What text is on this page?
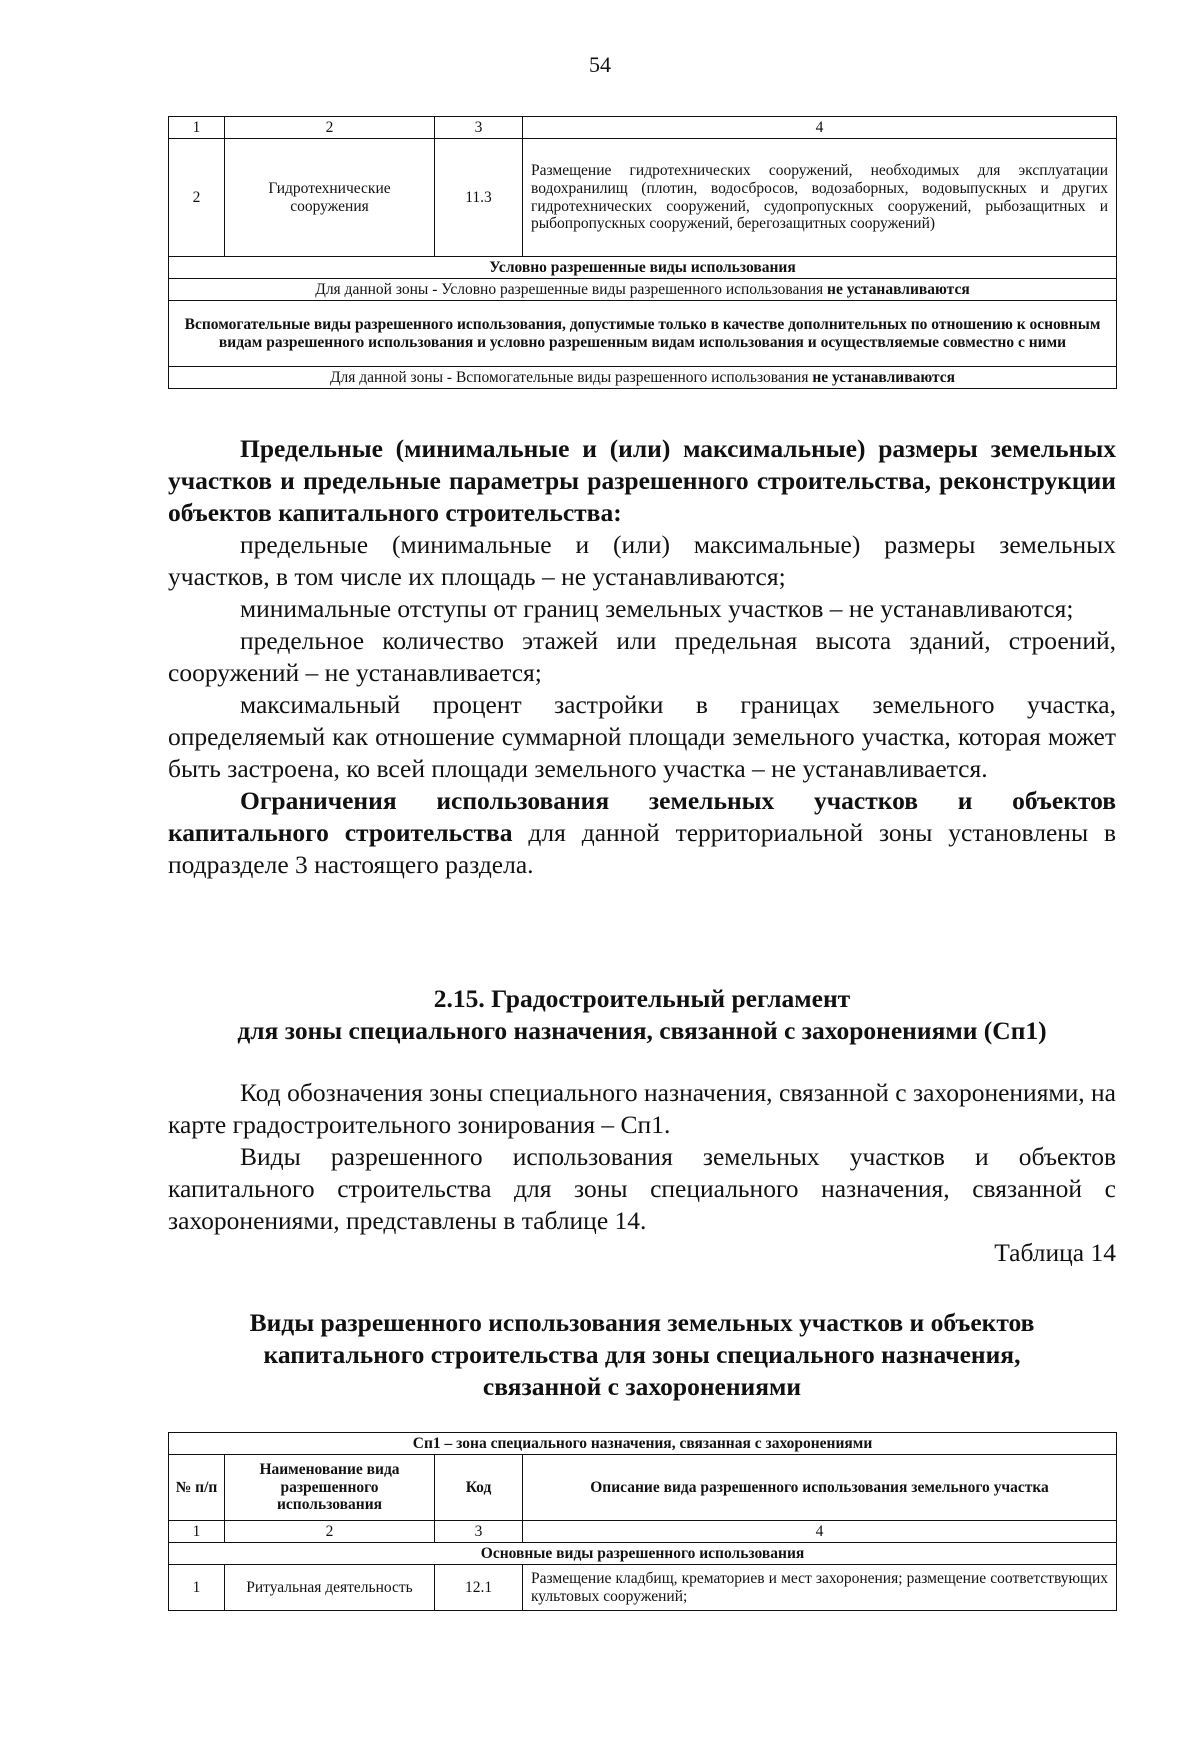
54
1	2	3	4
2	Гидротехнические сооружения	11.3	Размещение гидротехнических сооружений, необходимых для эксплуатации водохранилищ (плотин, водосбросов, водозаборных, водовыпускных и других гидротехнических сооружений, судопропускных сооружений, рыбозащитных и рыбопропускных сооружений, берегозащитных сооружений)
Условно разрешенные виды использования			
Для данной зоны - Условно разрешенные виды разрешенного использования не устанавливаются			
Вспомогательные виды разрешенного использования, допустимые только в качестве дополнительных по отношению к основным видам разрешенного использования и условно разрешенным видам использования и осуществляемые совместно с ними			
Для данной зоны - Вспомогательные виды разрешенного использования не устанавливаются			

Предельные (минимальные и (или) максимальные) размеры земельных участков и предельные параметры разрешенного строительства, реконструкции объектов капитального строительства:

предельные (минимальные и (или) максимальные) размеры земельных участков, в том числе их площадь – не устанавливаются;

минимальные отступы от границ земельных участков – не устанавливаются;

предельное количество этажей или предельная высота зданий, строений, сооружений – не устанавливается;

максимальный процент застройки в границах земельного участка, определяемый как отношение суммарной площади земельного участка, которая может быть застроена, ко всей площади земельного участка – не устанавливается.

Ограничения использования земельных участков и объектов капитального строительства для данной территориальной зоны установлены в подразделе 3 настоящего раздела.

2.15. Градостроительный регламент

для зоны специального назначения, связанной с захоронениями (Сп1)

Код обозначения зоны специального назначения, связанной с захоронениями, на карте градостроительного зонирования – Сп1.

Виды разрешенного использования земельных участков и объектов капитального строительства для зоны специального назначения, связанной с захоронениями, представлены в таблице 14.

Таблица 14

Виды разрешенного использования земельных участков и объектов

капитального строительства для зоны специального назначения,

связанной с захоронениями

Сп1 – зона специального назначения, связанная с захоронениями			
№ п/п	Наименование вида разрешенного использования	Код	Описание вида разрешенного использования земельного участка
1	2	3	4
Основные виды разрешенного использования			
1	Ритуальная деятельность	12.1	Размещение кладбищ, крематориев и мест захоронения; размещение соответствующих культовых сооружений;
